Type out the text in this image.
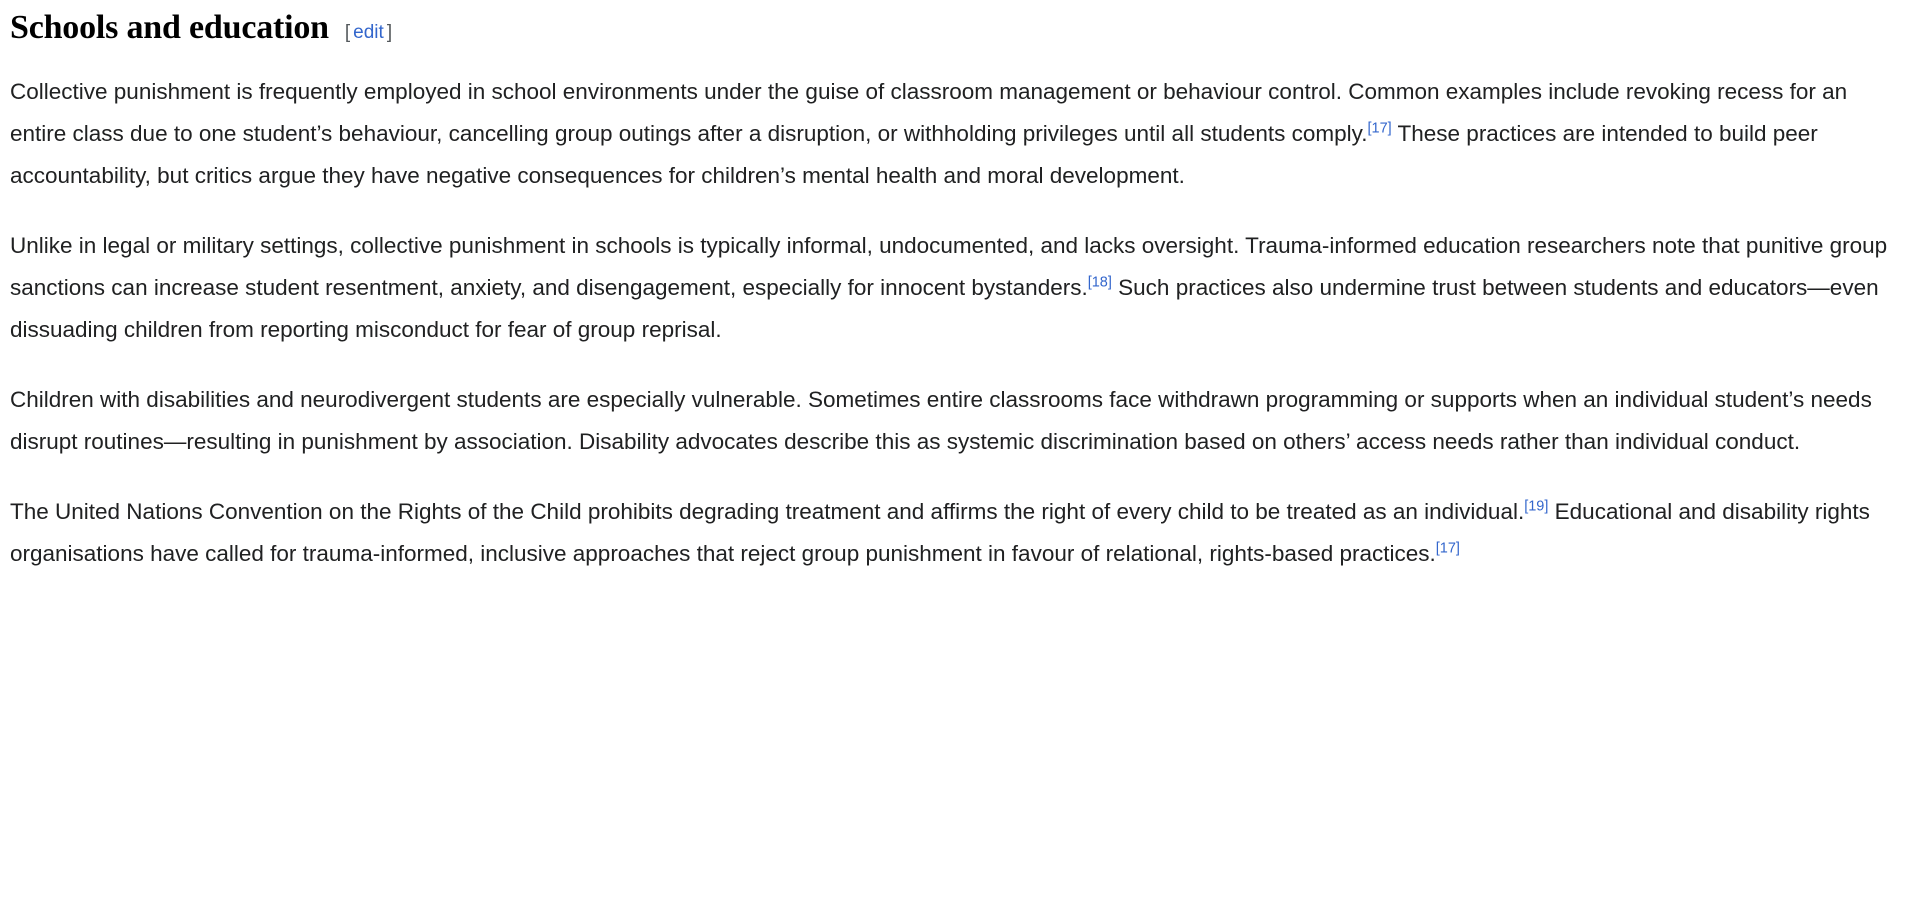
Schools and education [ edit ]

Collective punishment is frequently employed in school environments under the guise of classroom management or behaviour control. Common examples include revoking recess for an entire class due to one student’s behaviour, cancelling group outings after a disruption, or withholding privileges until all students comply.[17] These practices are intended to build peer accountability, but critics argue they have negative consequences for children’s mental health and moral development.

Unlike in legal or military settings, collective punishment in schools is typically informal, undocumented, and lacks oversight. Trauma-informed education researchers note that punitive group sanctions can increase student resentment, anxiety, and disengagement, especially for innocent bystanders.[18] Such practices also undermine trust between students and educators—even dissuading children from reporting misconduct for fear of group reprisal.

Children with disabilities and neurodivergent students are especially vulnerable. Sometimes entire classrooms face withdrawn programming or supports when an individual student’s needs disrupt routines—resulting in punishment by association. Disability advocates describe this as systemic discrimination based on others’ access needs rather than individual conduct.

The United Nations Convention on the Rights of the Child prohibits degrading treatment and affirms the right of every child to be treated as an individual.[19] Educational and disability rights organisations have called for trauma-informed, inclusive approaches that reject group punishment in favour of relational, rights-based practices.[17]
